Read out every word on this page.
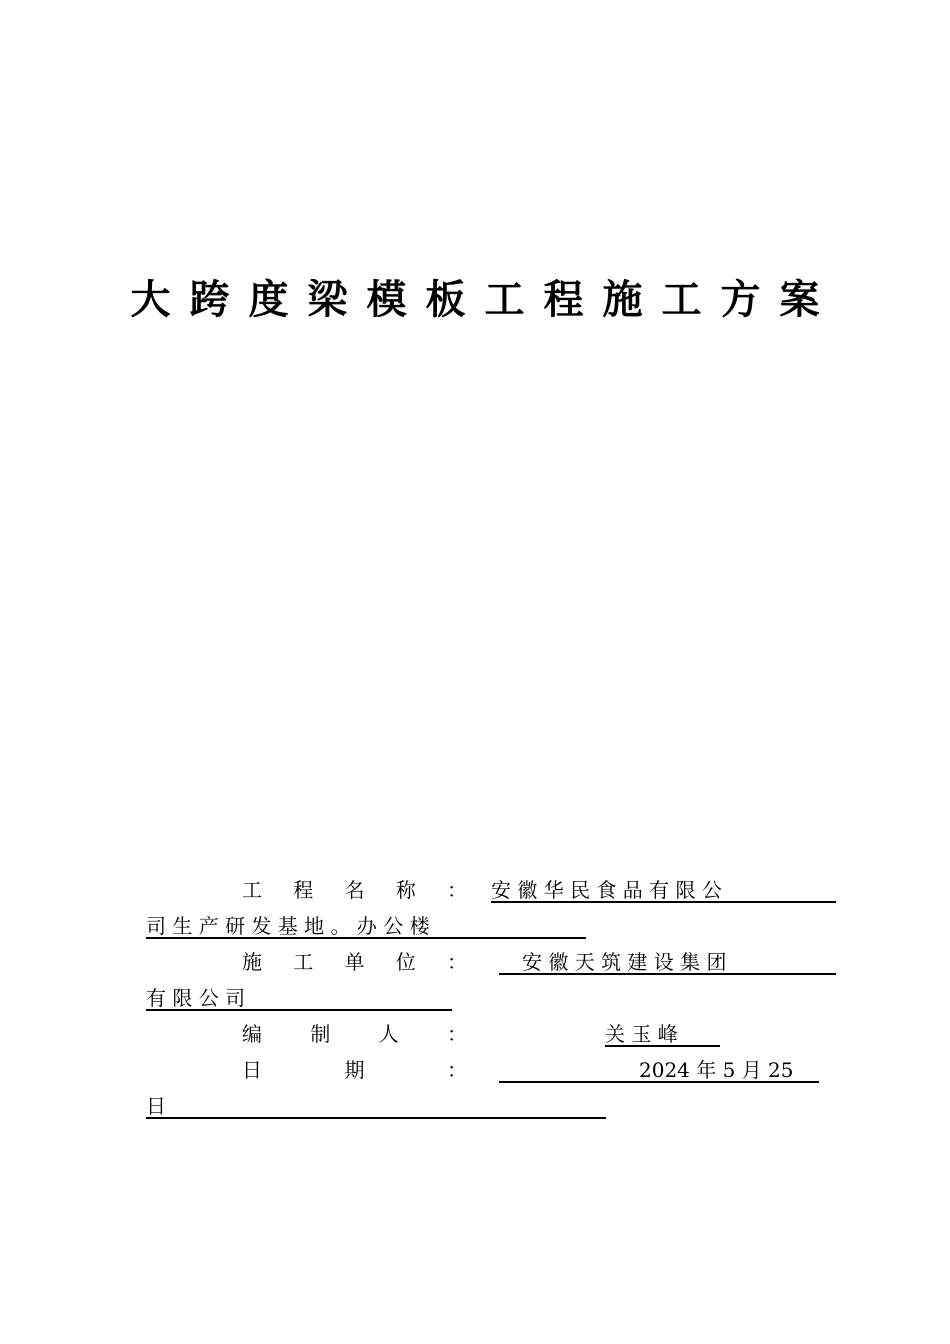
大跨度梁模板工程施工方案
工 程 名 称 ： 安 徽 华 民 食 品 有 限 公
司 生 产 研 发 基 地 。 办 公 楼
施 工 单 位 ：	安 徽 天 筑 建 设 集 团
有 限 公 司
编 制 人 ：	关 玉 峰
日	期	：	2024 年 5 月 25
日
